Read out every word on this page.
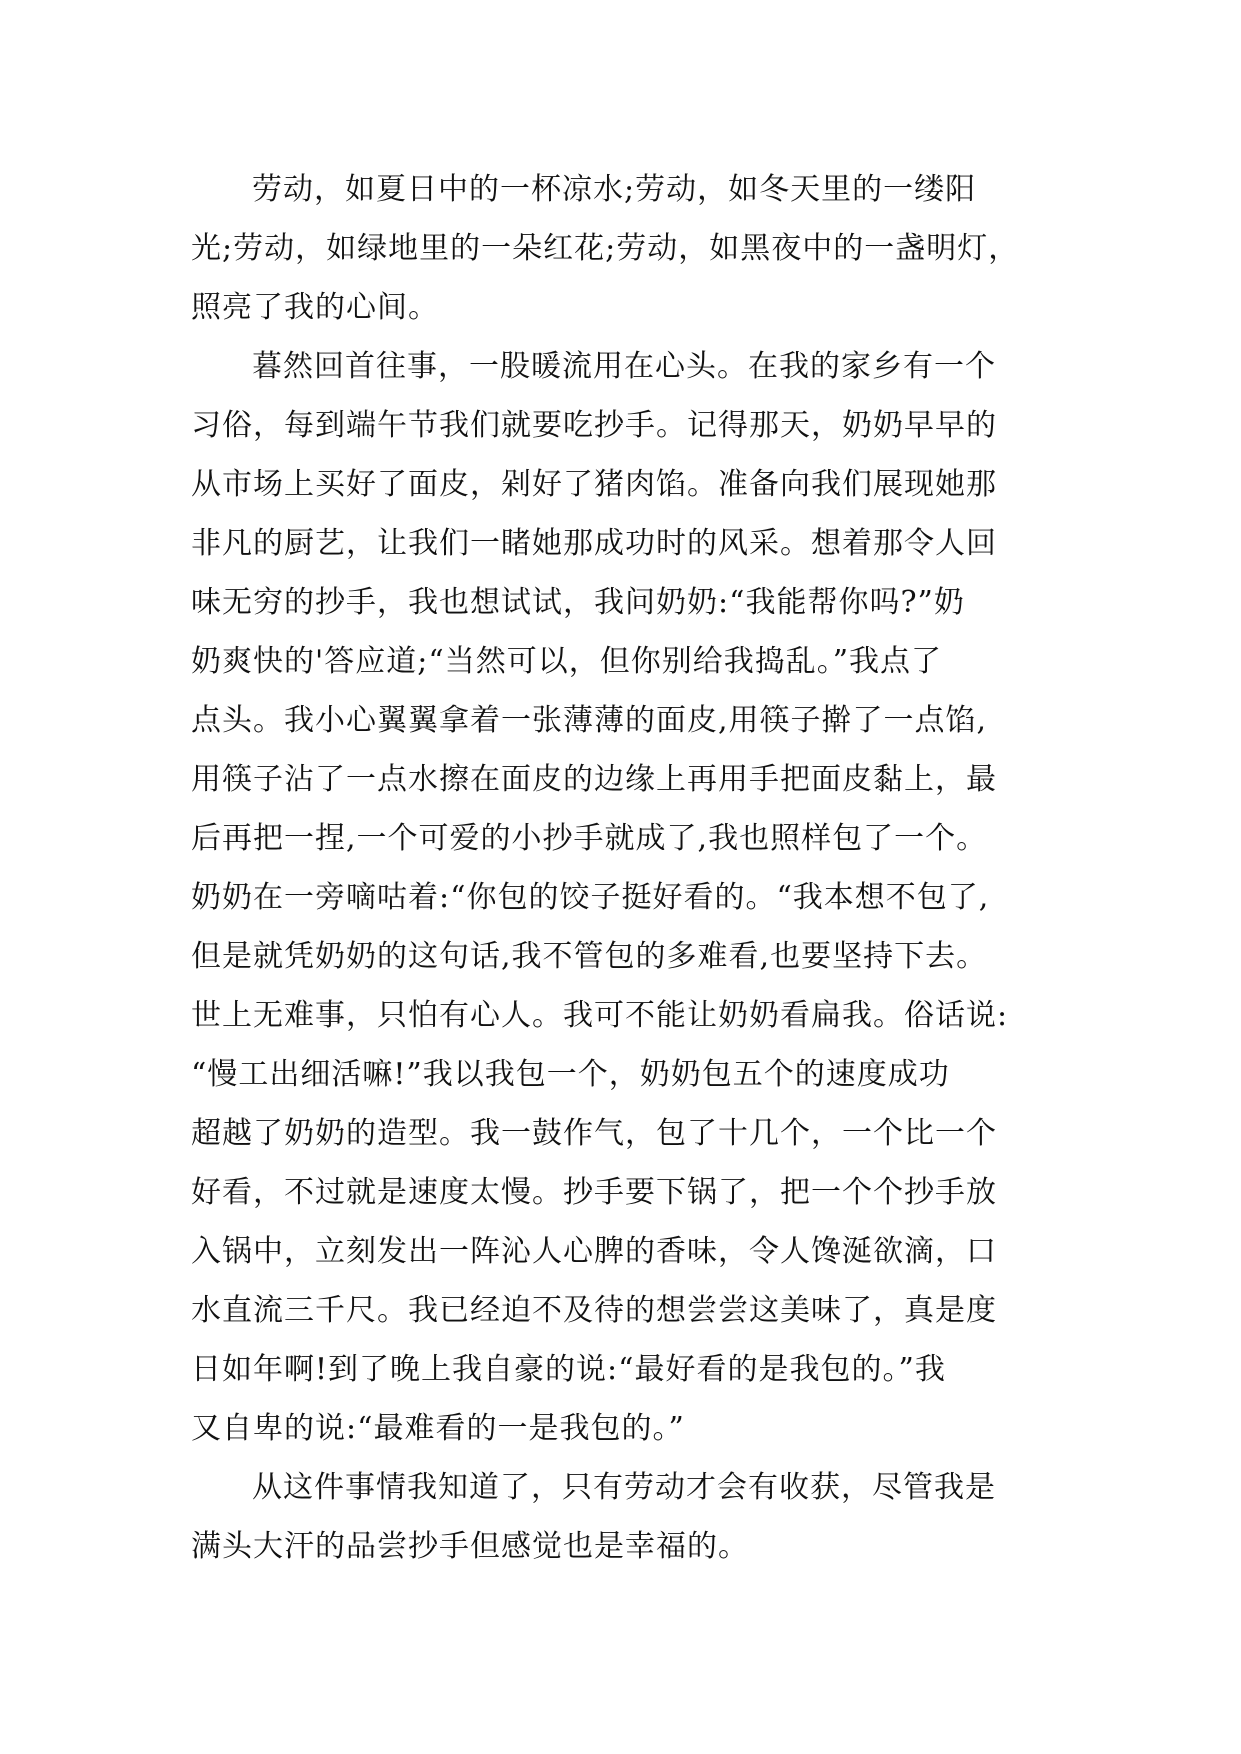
劳动，如夏日中的一杯凉水;劳动，如冬天里的一缕阳
光;劳动，如绿地里的一朵红花;劳动，如黑夜中的一盏明灯，
照亮了我的心间。
暮然回首往事，一股暖流用在心头。在我的家乡有一个
习俗，每到端午节我们就要吃抄手。记得那天，奶奶早早的
从市场上买好了面皮，剁好了猪肉馅。准备向我们展现她那
非凡的厨艺，让我们一睹她那成功时的风采。想着那令人回
味无穷的抄手，我也想试试，我问奶奶:“我能帮你吗?”奶
奶爽快的'答应道;“当然可以，但你别给我捣乱。”我点了
点头。我小心翼翼拿着一张薄薄的面皮,用筷子擀了一点馅,
用筷子沾了一点水擦在面皮的边缘上再用手把面皮黏上，最
后再把一捏,一个可爱的小抄手就成了,我也照样包了一个。
奶奶在一旁嘀咕着:“你包的饺子挺好看的。“我本想不包了,
但是就凭奶奶的这句话,我不管包的多难看,也要坚持下去。
世上无难事，只怕有心人。我可不能让奶奶看扁我。俗话说:
“慢工出细活嘛!”我以我包一个，奶奶包五个的速度成功
超越了奶奶的造型。我一鼓作气，包了十几个，一个比一个
好看，不过就是速度太慢。抄手要下锅了，把一个个抄手放
入锅中，立刻发出一阵沁人心脾的香味，令人馋涎欲滴，口
水直流三千尺。我已经迫不及待的想尝尝这美味了，真是度
日如年啊!到了晚上我自豪的说:“最好看的是我包的。”我
又自卑的说:“最难看的一是我包的。”
从这件事情我知道了，只有劳动才会有收获，尽管我是
满头大汗的品尝抄手但感觉也是幸福的。
